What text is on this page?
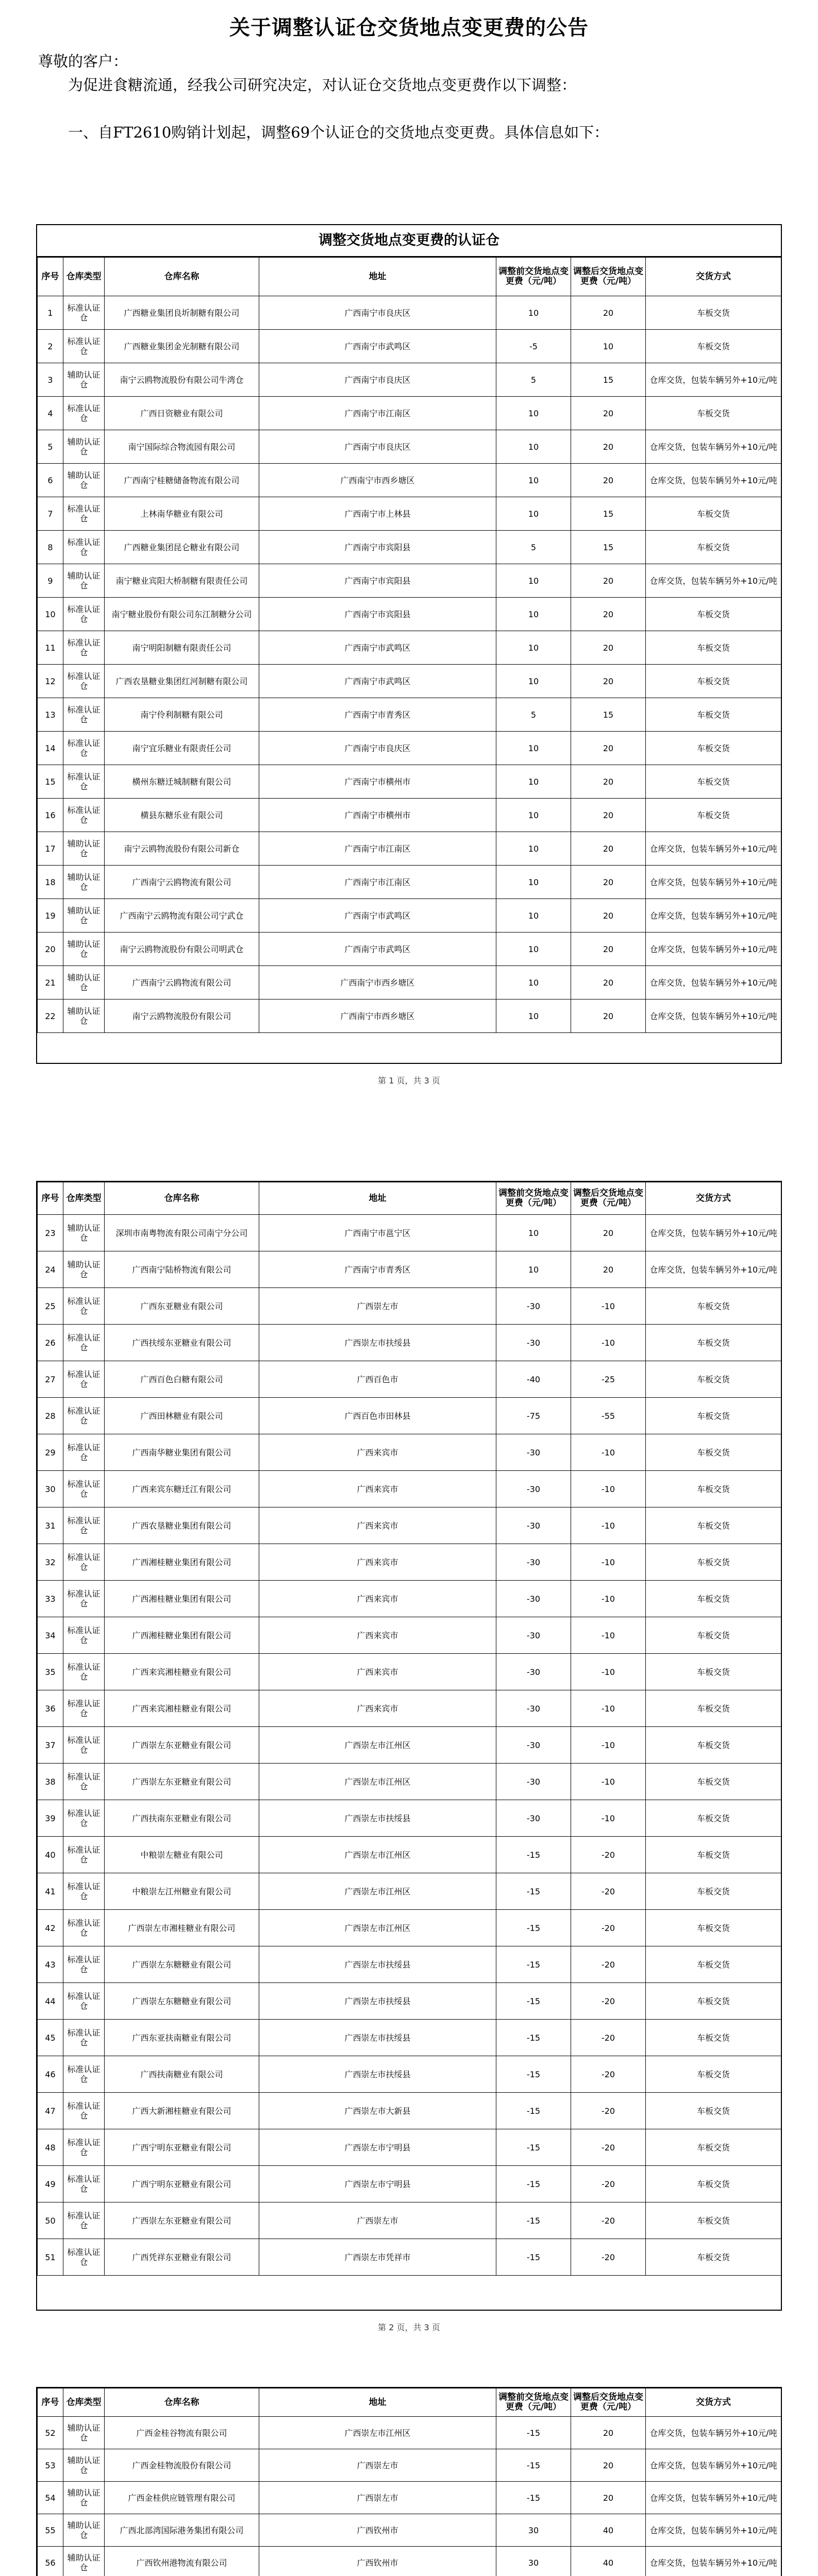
关于调整认证仓交货地点变更费的公告

尊敬的客户：

为促进食糖流通，经我公司研究决定，对认证仓交货地点变更费作以下调整：

一、自FT2610购销计划起，调整69个认证仓的交货地点变更费。具体信息如下：

调整交货地点变更费的认证仓
序号	仓库类型	仓库名称	地址	调整前交货地点变更费（元/吨）	调整后交货地点变更费（元/吨）	交货方式
1	标准认证仓	广西糖业集团良圻制糖有限公司	广西南宁市良庆区	10	20	车板交货
2	标准认证仓	广西糖业集团金光制糖有限公司	广西南宁市武鸣区	-5	10	车板交货
3	辅助认证仓	南宁云鸥物流股份有限公司牛湾仓	广西南宁市良庆区	5	15	仓库交货，包装车辆另外+10元/吨
4	标准认证仓	广西日资糖业有限公司	广西南宁市江南区	10	20	车板交货
5	辅助认证仓	南宁国际综合物流园有限公司	广西南宁市良庆区	10	20	仓库交货，包装车辆另外+10元/吨
6	辅助认证仓	广西南宁桂糖储备物流有限公司	广西南宁市西乡塘区	10	20	仓库交货，包装车辆另外+10元/吨
7	标准认证仓	上林南华糖业有限公司	广西南宁市上林县	10	15	车板交货
8	标准认证仓	广西糖业集团昆仑糖业有限公司	广西南宁市宾阳县	5	15	车板交货
9	辅助认证仓	南宁糖业宾阳大桥制糖有限责任公司	广西南宁市宾阳县	10	20	仓库交货，包装车辆另外+10元/吨
10	标准认证仓	南宁糖业股份有限公司东江制糖分公司	广西南宁市宾阳县	10	20	车板交货
11	标准认证仓	南宁明阳制糖有限责任公司	广西南宁市武鸣区	10	20	车板交货
12	标准认证仓	广西农垦糖业集团红河制糖有限公司	广西南宁市武鸣区	10	20	车板交货
13	标准认证仓	南宁伶利制糖有限公司	广西南宁市青秀区	5	15	车板交货
14	标准认证仓	南宁宜乐糖业有限责任公司	广西南宁市良庆区	10	20	车板交货
15	标准认证仓	横州东糖迁城制糖有限公司	广西南宁市横州市	10	20	车板交货
16	标准认证仓	横县东糖乐业有限公司	广西南宁市横州市	10	20	车板交货
17	辅助认证仓	南宁云鸥物流股份有限公司新仓	广西南宁市江南区	10	20	仓库交货，包装车辆另外+10元/吨
18	辅助认证仓	广西南宁云鸥物流有限公司	广西南宁市江南区	10	20	仓库交货，包装车辆另外+10元/吨
19	辅助认证仓	广西南宁云鸥物流有限公司宁武仓	广西南宁市武鸣区	10	20	仓库交货，包装车辆另外+10元/吨
20	辅助认证仓	南宁云鸥物流股份有限公司明武仓	广西南宁市武鸣区	10	20	仓库交货，包装车辆另外+10元/吨
21	辅助认证仓	广西南宁云鸥物流有限公司	广西南宁市西乡塘区	10	20	仓库交货，包装车辆另外+10元/吨
22	辅助认证仓	南宁云鸥物流股份有限公司	广西南宁市西乡塘区	10	20	仓库交货，包装车辆另外+10元/吨
第 1 页，共 3 页
序号	仓库类型	仓库名称	地址	调整前交货地点变更费（元/吨）	调整后交货地点变更费（元/吨）	交货方式
23	辅助认证仓	深圳市南粤物流有限公司南宁分公司	广西南宁市邕宁区	10	20	仓库交货，包装车辆另外+10元/吨
24	辅助认证仓	广西南宁陆桥物流有限公司	广西南宁市青秀区	10	20	仓库交货，包装车辆另外+10元/吨
25	标准认证仓	广西东亚糖业有限公司	广西崇左市	-30	-10	车板交货
26	标准认证仓	广西扶绥东亚糖业有限公司	广西崇左市扶绥县	-30	-10	车板交货
27	标准认证仓	广西百色白糖有限公司	广西百色市	-40	-25	车板交货
28	标准认证仓	广西田林糖业有限公司	广西百色市田林县	-75	-55	车板交货
29	标准认证仓	广西南华糖业集团有限公司	广西来宾市	-30	-10	车板交货
30	标准认证仓	广西来宾东糖迁江有限公司	广西来宾市	-30	-10	车板交货
31	标准认证仓	广西农垦糖业集团有限公司	广西来宾市	-30	-10	车板交货
32	标准认证仓	广西湘桂糖业集团有限公司	广西来宾市	-30	-10	车板交货
33	标准认证仓	广西湘桂糖业集团有限公司	广西来宾市	-30	-10	车板交货
34	标准认证仓	广西湘桂糖业集团有限公司	广西来宾市	-30	-10	车板交货
35	标准认证仓	广西来宾湘桂糖业有限公司	广西来宾市	-30	-10	车板交货
36	标准认证仓	广西来宾湘桂糖业有限公司	广西来宾市	-30	-10	车板交货
37	标准认证仓	广西崇左东亚糖业有限公司	广西崇左市江州区	-30	-10	车板交货
38	标准认证仓	广西崇左东亚糖业有限公司	广西崇左市江州区	-30	-10	车板交货
39	标准认证仓	广西扶南东亚糖业有限公司	广西崇左市扶绥县	-30	-10	车板交货
40	标准认证仓	中粮崇左糖业有限公司	广西崇左市江州区	-15	-20	车板交货
41	标准认证仓	中粮崇左江州糖业有限公司	广西崇左市江州区	-15	-20	车板交货
42	标准认证仓	广西崇左市湘桂糖业有限公司	广西崇左市江州区	-15	-20	车板交货
43	标准认证仓	广西崇左东糖糖业有限公司	广西崇左市扶绥县	-15	-20	车板交货
44	标准认证仓	广西崇左东糖糖业有限公司	广西崇左市扶绥县	-15	-20	车板交货
45	标准认证仓	广西东亚扶南糖业有限公司	广西崇左市扶绥县	-15	-20	车板交货
46	标准认证仓	广西扶南糖业有限公司	广西崇左市扶绥县	-15	-20	车板交货
47	标准认证仓	广西大新湘桂糖业有限公司	广西崇左市大新县	-15	-20	车板交货
48	标准认证仓	广西宁明东亚糖业有限公司	广西崇左市宁明县	-15	-20	车板交货
49	标准认证仓	广西宁明东亚糖业有限公司	广西崇左市宁明县	-15	-20	车板交货
50	标准认证仓	广西崇左东亚糖业有限公司	广西崇左市	-15	-20	车板交货
51	标准认证仓	广西凭祥东亚糖业有限公司	广西崇左市凭祥市	-15	-20	车板交货
第 2 页，共 3 页
序号	仓库类型	仓库名称	地址	调整前交货地点变更费（元/吨）	调整后交货地点变更费（元/吨）	交货方式
52	辅助认证仓	广西金桂谷物流有限公司	广西崇左市江州区	-15	20	仓库交货，包装车辆另外+10元/吨
53	辅助认证仓	广西金桂物流股份有限公司	广西崇左市	-15	20	仓库交货，包装车辆另外+10元/吨
54	辅助认证仓	广西金桂供应链管理有限公司	广西崇左市	-15	20	仓库交货，包装车辆另外+10元/吨
55	辅助认证仓	广西北部湾国际港务集团有限公司	广西钦州市	30	40	仓库交货，包装车辆另外+10元/吨
56	辅助认证仓	广西钦州港物流有限公司	广西钦州市	30	40	仓库交货，包装车辆另外+10元/吨
